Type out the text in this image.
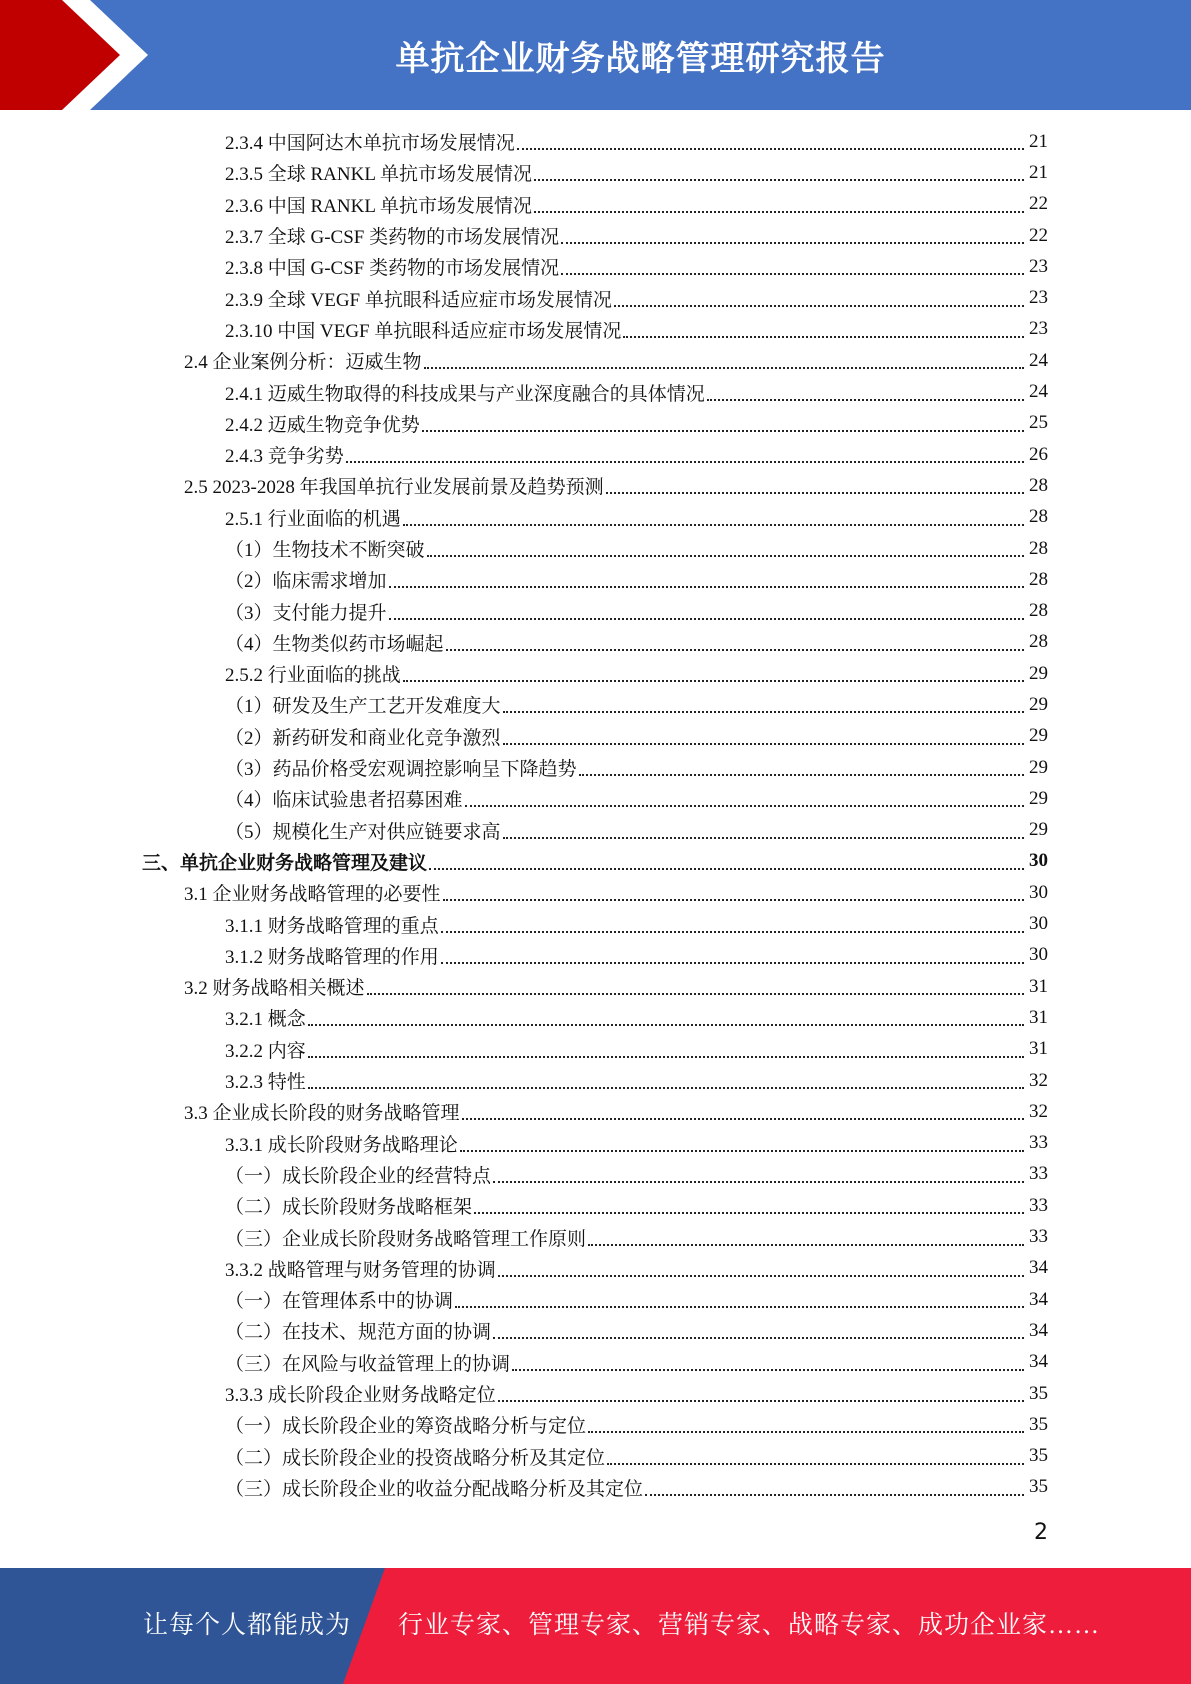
单抗企业财务战略管理研究报告
2.3.4 中国阿达木单抗市场发展情况	21
2.3.5 全球 RANKL 单抗市场发展情况	21
2.3.6 中国 RANKL 单抗市场发展情况	22
2.3.7 全球 G-CSF 类药物的市场发展情况	22
2.3.8 中国 G-CSF 类药物的市场发展情况	23
2.3.9 全球 VEGF 单抗眼科适应症市场发展情况	23
2.3.10 中国 VEGF 单抗眼科适应症市场发展情况	23
2.4 企业案例分析：迈威生物	24
2.4.1 迈威生物取得的科技成果与产业深度融合的具体情况	24
2.4.2 迈威生物竞争优势	25
2.4.3 竞争劣势	26
2.5 2023-2028 年我国单抗行业发展前景及趋势预测	28
2.5.1 行业面临的机遇	28
（1）生物技术不断突破	28
（2）临床需求增加	28
（3）支付能力提升	28
（4）生物类似药市场崛起	28
2.5.2 行业面临的挑战	29
（1）研发及生产工艺开发难度大	29
（2）新药研发和商业化竞争激烈	29
（3）药品价格受宏观调控影响呈下降趋势	29
（4）临床试验患者招募困难	29
（5）规模化生产对供应链要求高	29
三、单抗企业财务战略管理及建议	30
3.1 企业财务战略管理的必要性	30
3.1.1 财务战略管理的重点	30
3.1.2 财务战略管理的作用	30
3.2 财务战略相关概述	31
3.2.1 概念	31
3.2.2 内容	31
3.2.3 特性	32
3.3 企业成长阶段的财务战略管理	32
3.3.1 成长阶段财务战略理论	33
（一）成长阶段企业的经营特点	33
（二）成长阶段财务战略框架	33
（三）企业成长阶段财务战略管理工作原则	33
3.3.2 战略管理与财务管理的协调	34
（一）在管理体系中的协调	34
（二）在技术、规范方面的协调	34
（三）在风险与收益管理上的协调	34
3.3.3 成长阶段企业财务战略定位	35
（一）成长阶段企业的筹资战略分析与定位	35
（二）成长阶段企业的投资战略分析及其定位	35
（三）成长阶段企业的收益分配战略分析及其定位	35
2
让每个人都能成为 行业专家、管理专家、营销专家、战略专家、成功企业家……
